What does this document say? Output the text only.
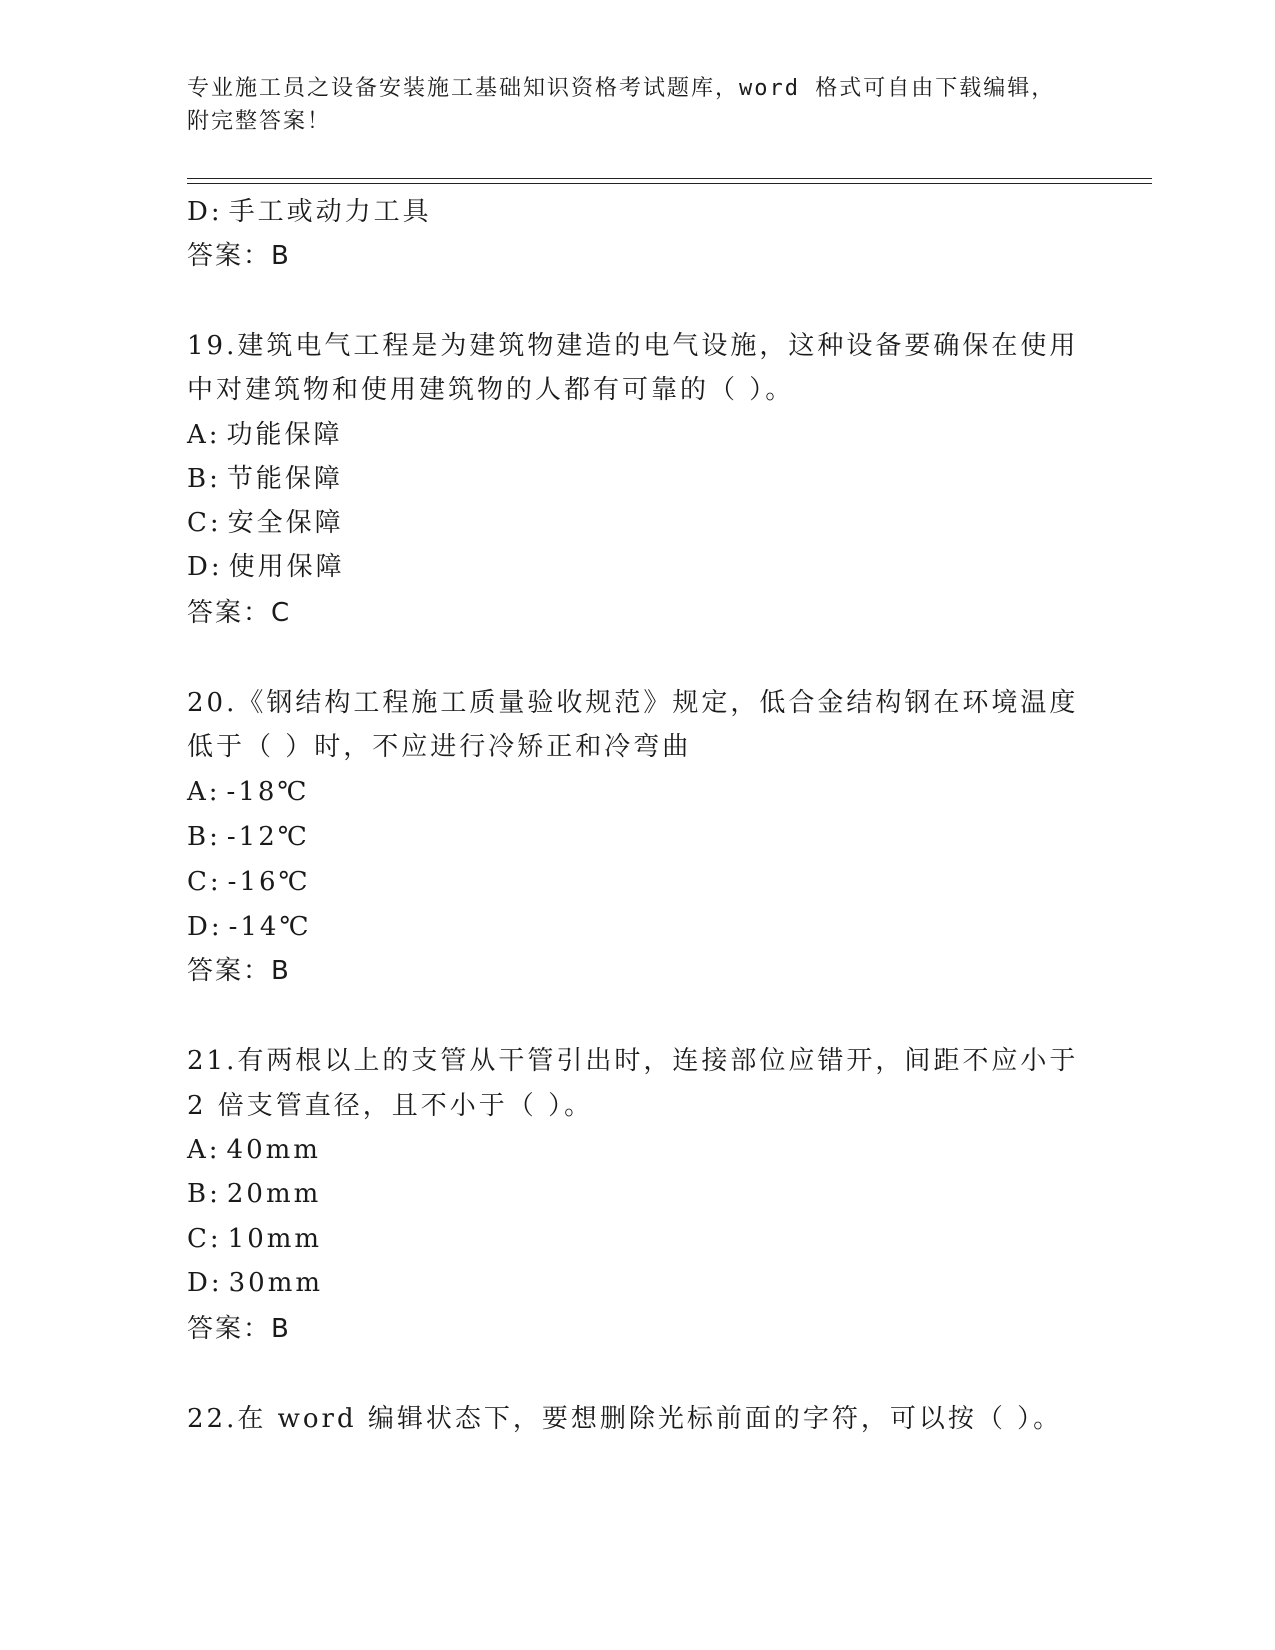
专业施工员之设备安装施工基础知识资格考试题库，word 格式可自由下载编辑，
附完整答案！
D: 手工或动力工具
答案：B
19.建筑电气工程是为建筑物建造的电气设施，这种设备要确保在使用
中对建筑物和使用建筑物的人都有可靠的（ ）。
A: 功能保障
B: 节能保障
C: 安全保障
D: 使用保障
答案：C
20.《钢结构工程施工质量验收规范》规定，低合金结构钢在环境温度
低于（ ）时，不应进行冷矫正和冷弯曲
A: -18℃
B: -12℃
C: -16℃
D: -14℃
答案：B
21.有两根以上的支管从干管引出时，连接部位应错开，间距不应小于
2 倍支管直径，且不小于（ ）。
A: 40mm
B: 20mm
C: 10mm
D: 30mm
答案：B
22.在 word 编辑状态下，要想删除光标前面的字符，可以按（ ）。
